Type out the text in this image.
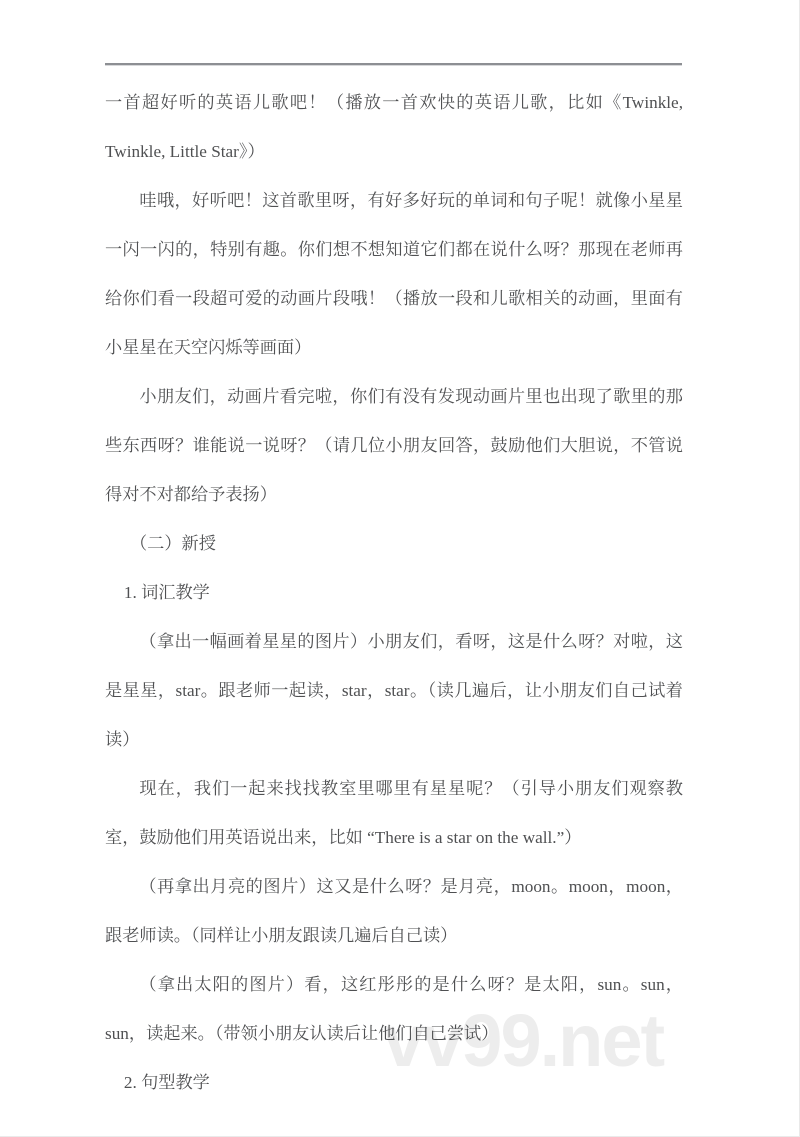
vv99.net

一首超好听的英语儿歌吧！（播放一首欢快的英语儿歌，比如《Twinkle, Twinkle, Little Star》）

哇哦，好听吧！这首歌里呀，有好多好玩的单词和句子呢！就像小星星一闪一闪的，特别有趣。你们想不想知道它们都在说什么呀？那现在老师再给你们看一段超可爱的动画片段哦！（播放一段和儿歌相关的动画，里面有小星星在天空闪烁等画面）

小朋友们，动画片看完啦，你们有没有发现动画片里也出现了歌里的那些东西呀？谁能说一说呀？（请几位小朋友回答，鼓励他们大胆说，不管说得对不对都给予表扬）

（二）新授

1. 词汇教学

（拿出一幅画着星星的图片）小朋友们，看呀，这是什么呀？对啦，这是星星，star。跟老师一起读，star，star。（读几遍后，让小朋友们自己试着读）

现在，我们一起来找找教室里哪里有星星呢？（引导小朋友们观察教室，鼓励他们用英语说出来，比如 “There is a star on the wall.”）

（再拿出月亮的图片）这又是什么呀？是月亮，moon。moon，moon，跟老师读。（同样让小朋友跟读几遍后自己读）

（拿出太阳的图片）看，这红彤彤的是什么呀？是太阳，sun。sun，sun，读起来。（带领小朋友认读后让他们自己尝试）

2. 句型教学
